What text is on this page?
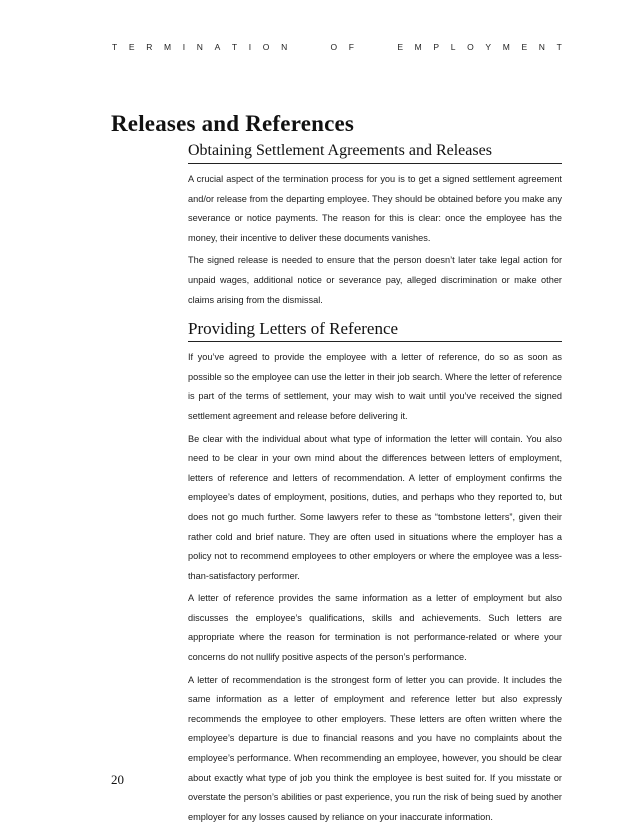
T E R M I N A T I O N	O F	E M P L O Y M E N T
Releases and References
Obtaining Settlement Agreements and Releases

A crucial aspect of the termination process for you is to get a signed settlement agreement and/or release from the departing employee. They should be obtained before you make any severance or notice payments. The reason for this is clear: once the employee has the money, their incentive to deliver these documents vanishes.

The signed release is needed to ensure that the person doesn’t later take legal action for unpaid wages, additional notice or severance pay, alleged discrimination or make other claims arising from the dismissal.

Providing Letters of Reference

If you’ve agreed to provide the employee with a letter of reference, do so as soon as possible so the employee can use the letter in their job search. Where the letter of reference is part of the terms of settlement, your may wish to wait until you’ve received the signed settlement agreement and release before delivering it.

Be clear with the individual about what type of information the letter will contain. You also need to be clear in your own mind about the differences between letters of employment, letters of reference and letters of recommendation. A letter of employment confirms the employee’s dates of employment, positions, duties, and perhaps who they reported to, but does not go much further. Some lawyers refer to these as “tombstone letters”, given their rather cold and brief nature. They are often used in situations where the employer has a policy not to recommend employees to other employers or where the employee was a less-than-satisfactory performer.

A letter of reference provides the same information as a letter of employment but also discusses the employee’s qualifications, skills and achievements. Such letters are appropriate where the reason for termination is not performance-related or where your concerns do not nullify positive aspects of the person’s performance.

A letter of recommendation is the strongest form of letter you can provide. It includes the same information as a letter of employment and reference letter but also expressly recommends the employee to other employers. These letters are often written where the employee’s departure is due to financial reasons and you have no complaints about the employee’s performance. When recommending an employee, however, you should be clear about exactly what type of job you think the employee is best suited for. If you misstate or overstate the person’s abilities or past experience, you run the risk of being sued by another employer for any losses caused by reliance on your inaccurate information.

20
